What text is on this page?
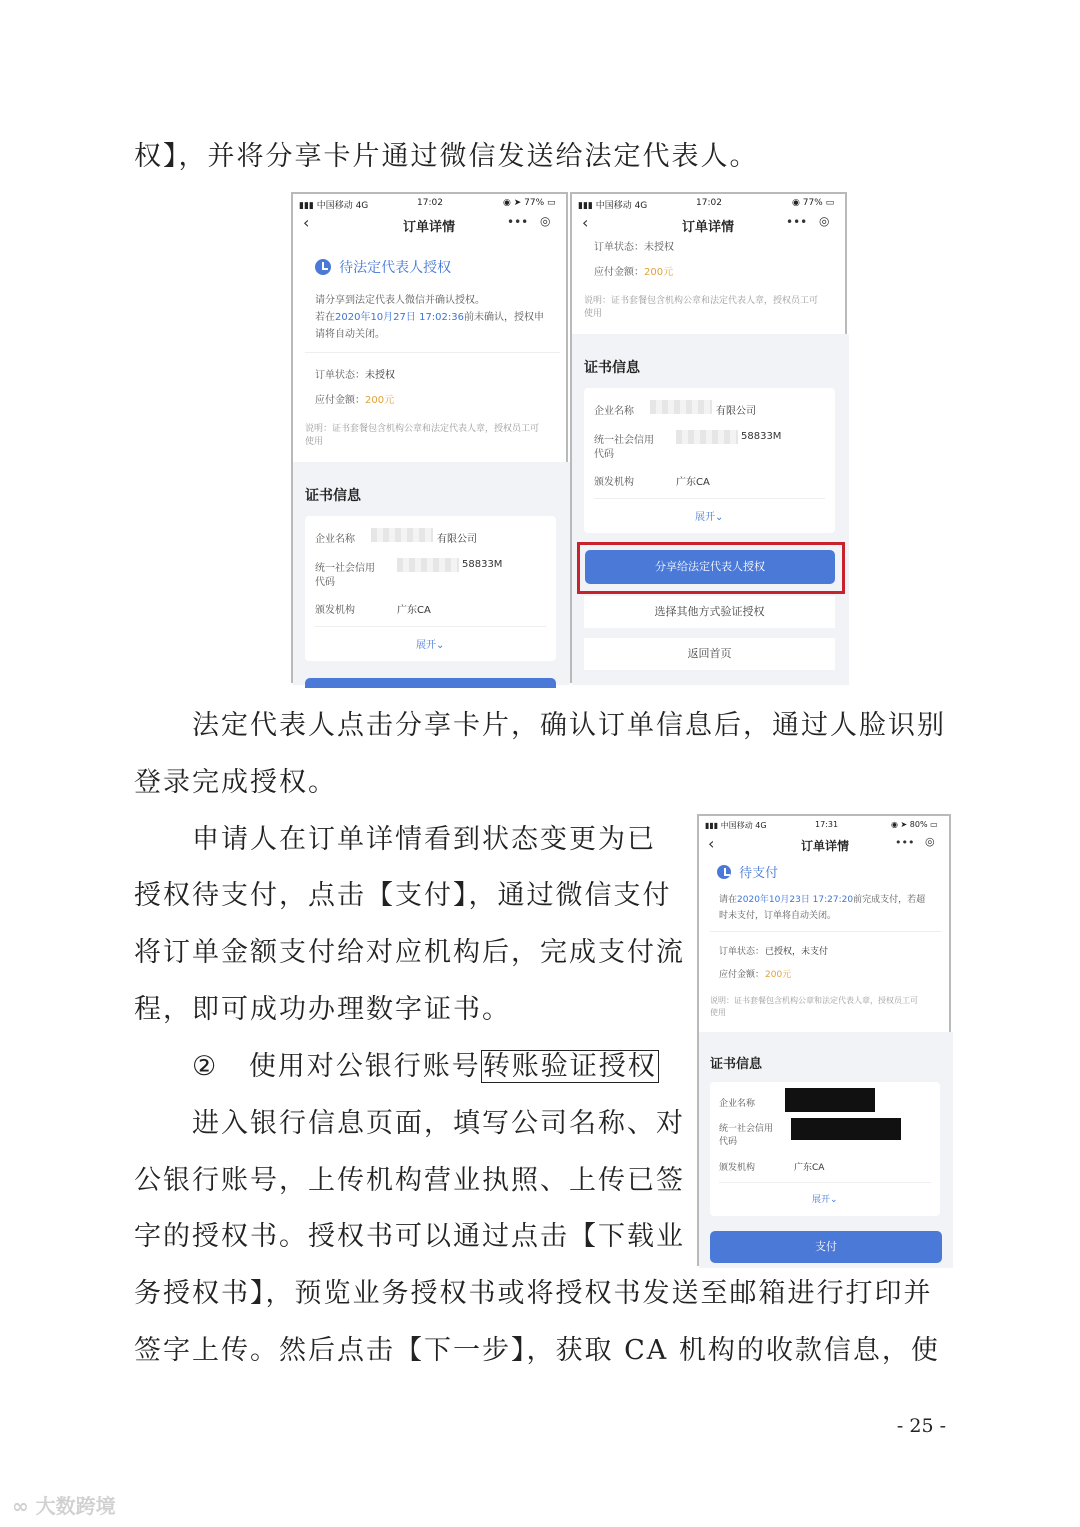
权】，并将分享卡片通过微信发送给法定代表人。
▮▮▮ 中国移动 4G	17:02	◉ ➤ 77% ▭
‹	订单详情	••• ◎
待法定代表人授权
请分享到法定代表人微信并确认授权。
若在2020年10月27日 17:02:36前未确认，授权申
请将自动关闭。
订单状态： 未授权
应付金额： 200元
说明：证书套餐包含机构公章和法定代表人章，授权员工可
使用
证书信息
企业名称	有限公司
统一社会信用
代码
58833M
颁发机构	广东CA
展开⌄
▮▮▮ 中国移动 4G	17:02	◉ 77% ▭
‹	订单详情	••• ◎
订单状态：未授权
应付金额： 200元
说明：证书套餐包含机构公章和法定代表人章，授权员工可
使用
证书信息
企业名称	有限公司
统一社会信用
代码
58833M
颁发机构	广东CA
展开⌄
分享给法定代表人授权
选择其他方式验证授权
返回首页
法定代表人点击分享卡片，确认订单信息后，通过人脸识别
登录完成授权。
申请人在订单详情看到状态变更为已
授权待支付，点击【支付】，通过微信支付
将订单金额支付给对应机构后，完成支付流
程，即可成功办理数字证书。
② 使用对公银行账号转账验证授权
进入银行信息页面，填写公司名称、对
公银行账号，上传机构营业执照、上传已签
字的授权书。授权书可以通过点击【下载业
务授权书】，预览业务授权书或将授权书发送至邮箱进行打印并
签字上传。然后点击【下一步】，获取 CA 机构的收款信息，使
▮▮▮ 中国移动 4G	17:31	◉ ➤ 80% ▭
‹	订单详情	••• ◎
待支付
请在2020年10月23日 17:27:20前完成支付，若超
时未支付，订单将自动关闭。
订单状态： 已授权，未支付
应付金额： 200元
说明：证书套餐包含机构公章和法定代表人章，授权员工可
使用
证书信息
企业名称
统一社会信用
代码
颁发机构	广东CA
展开⌄
支付
- 25 -
∞ 大数跨境
